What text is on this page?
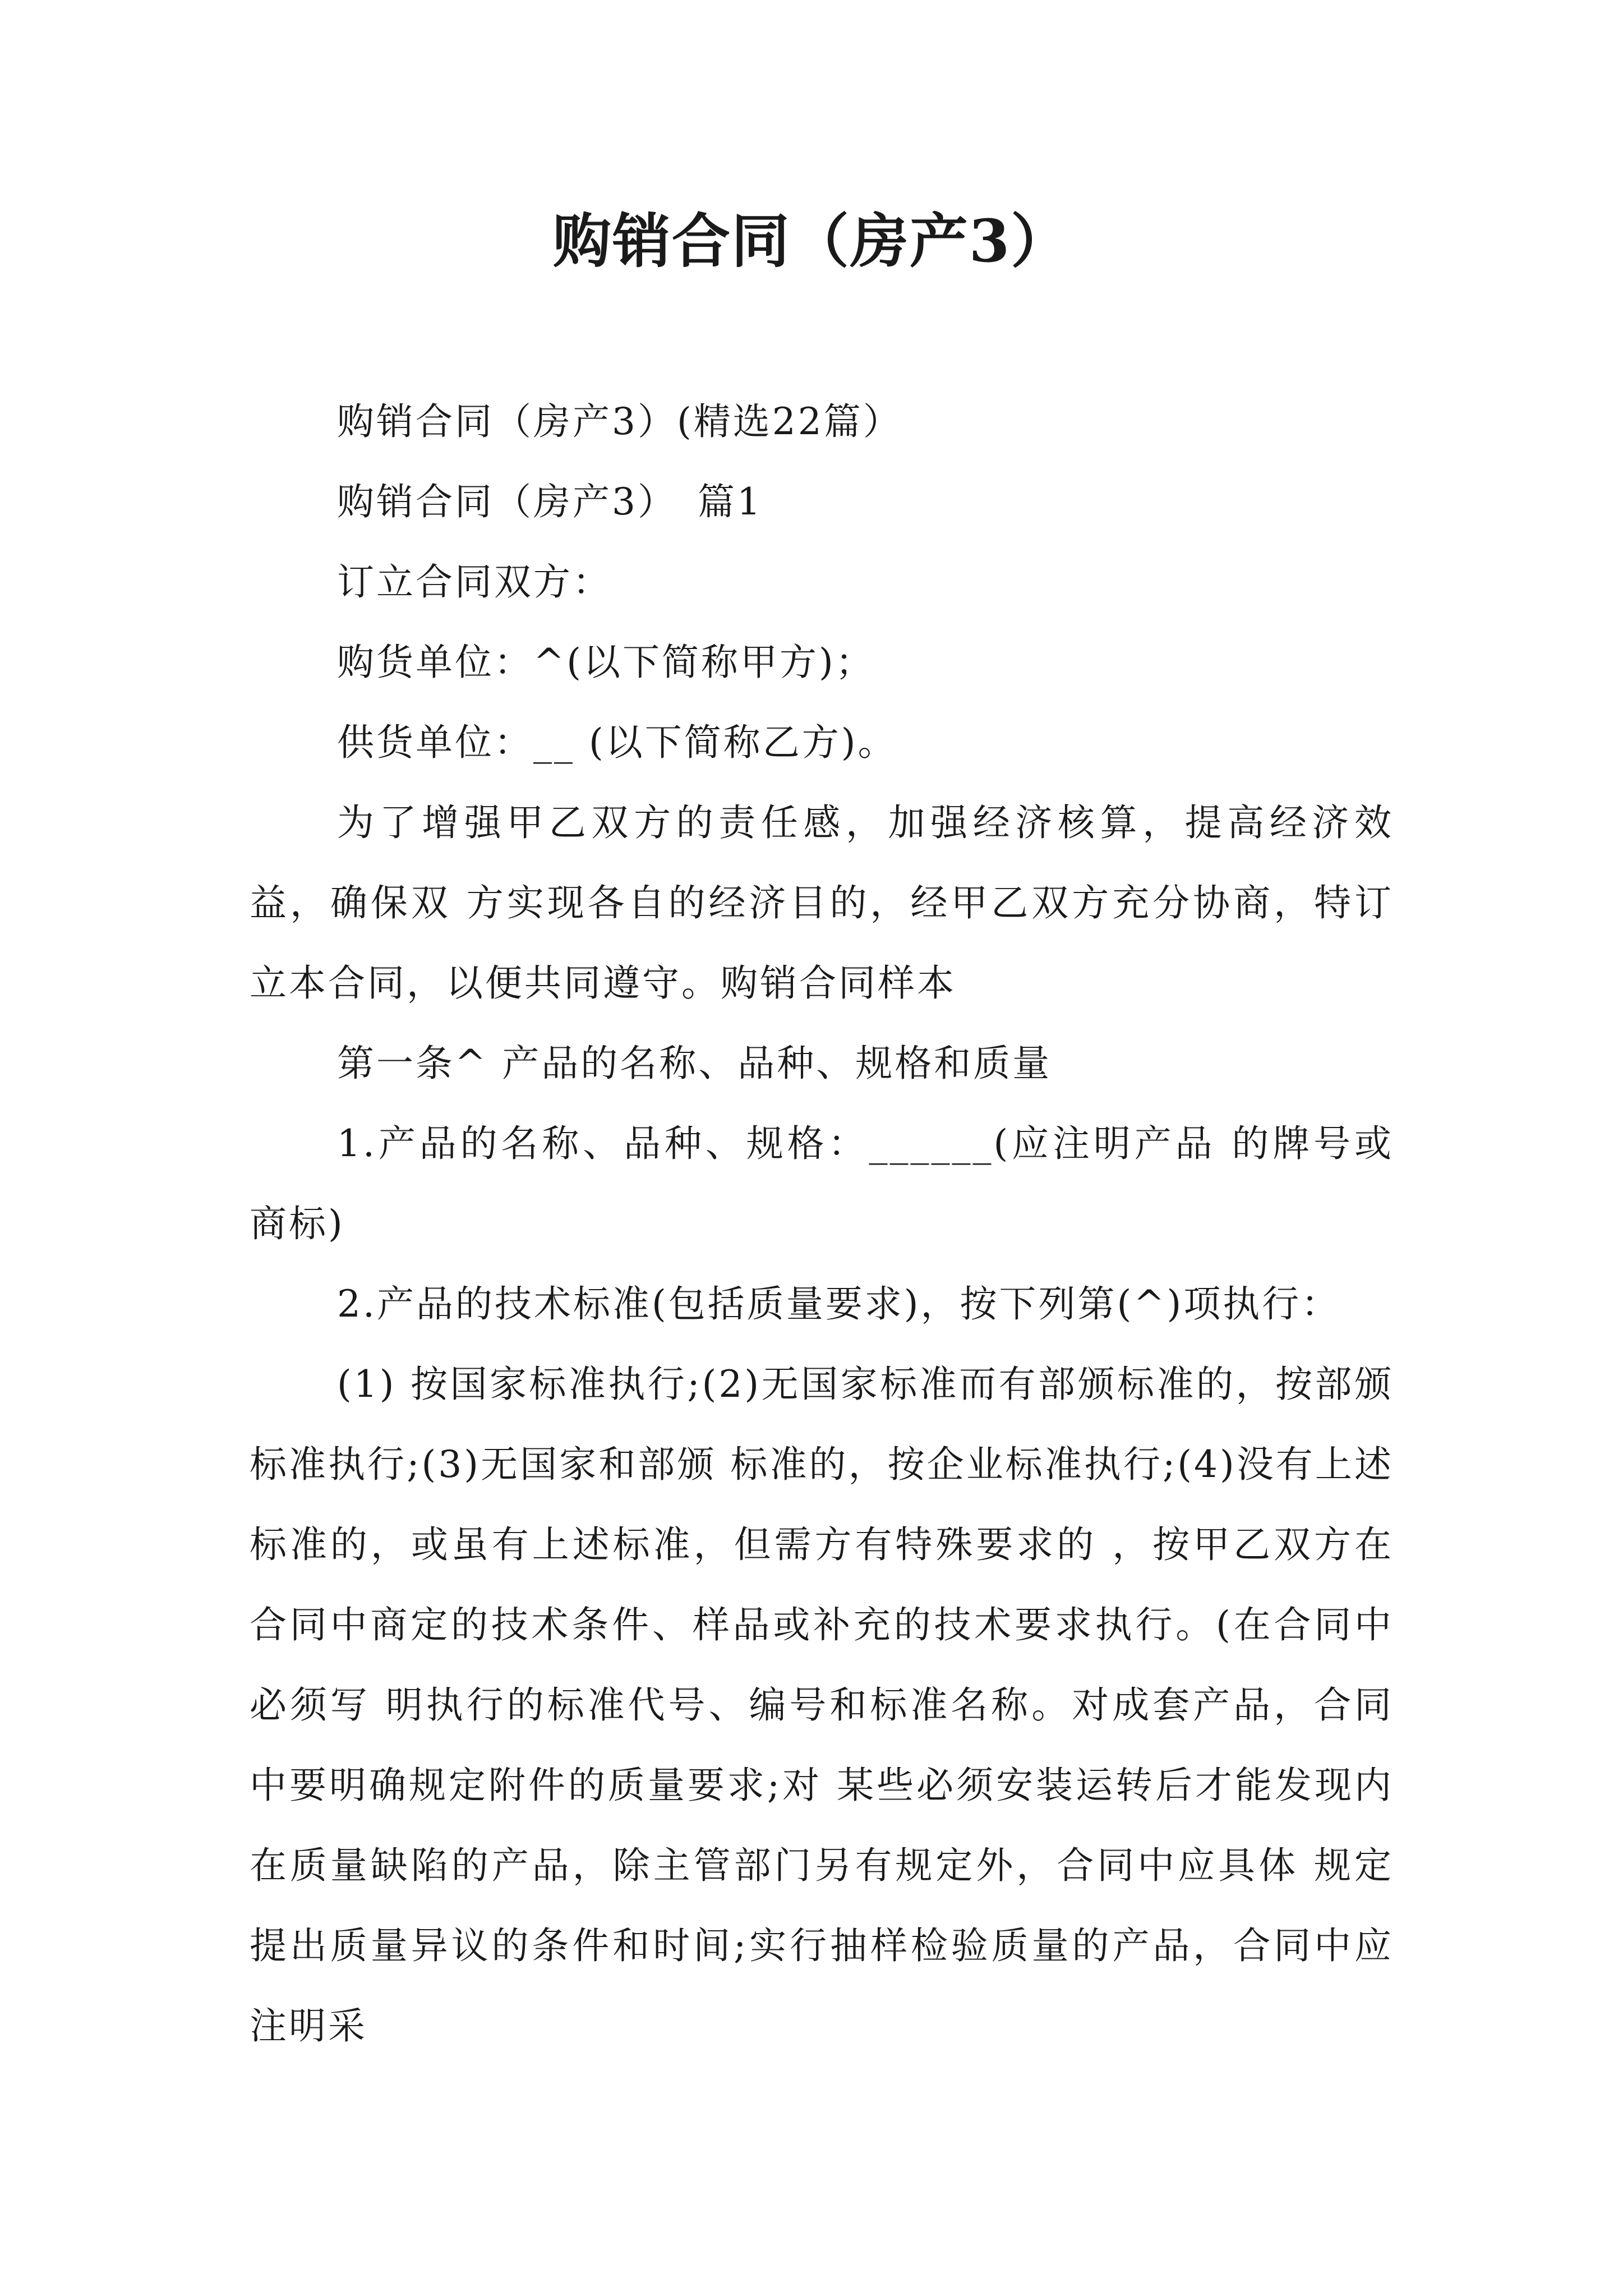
购销合同（房产3）

购销合同（房产3）(精选22篇）

购销合同（房产3）　篇1

订立合同双方：

购货单位：^(以下简称甲方)；

供货单位：__ (以下简称乙方)。

为了增强甲乙双方的责任感，加强经济核算，提高经济效益，确保双 方实现各自的经济目的，经甲乙双方充分协商，特订立本合同，以便共同遵守。购销合同样本

第一条^ 产品的名称、品种、规格和质量

1.产品的名称、品种、规格：______(应注明产品 的牌号或商标)

2.产品的技术标准(包括质量要求)，按下列第(^)项执行：

(1) 按国家标准执行;(2)无国家标准而有部颁标准的，按部颁标准执行;(3)无国家和部颁 标准的，按企业标准执行;(4)没有上述标准的，或虽有上述标准，但需方有特殊要求的 ，按甲乙双方在合同中商定的技术条件、样品或补充的技术要求执行。(在合同中必须写 明执行的标准代号、编号和标准名称。对成套产品，合同中要明确规定附件的质量要求;对 某些必须安装运转后才能发现内在质量缺陷的产品，除主管部门另有规定外，合同中应具体 规定提出质量异议的条件和时间;实行抽样检验质量的产品，合同中应注明采
